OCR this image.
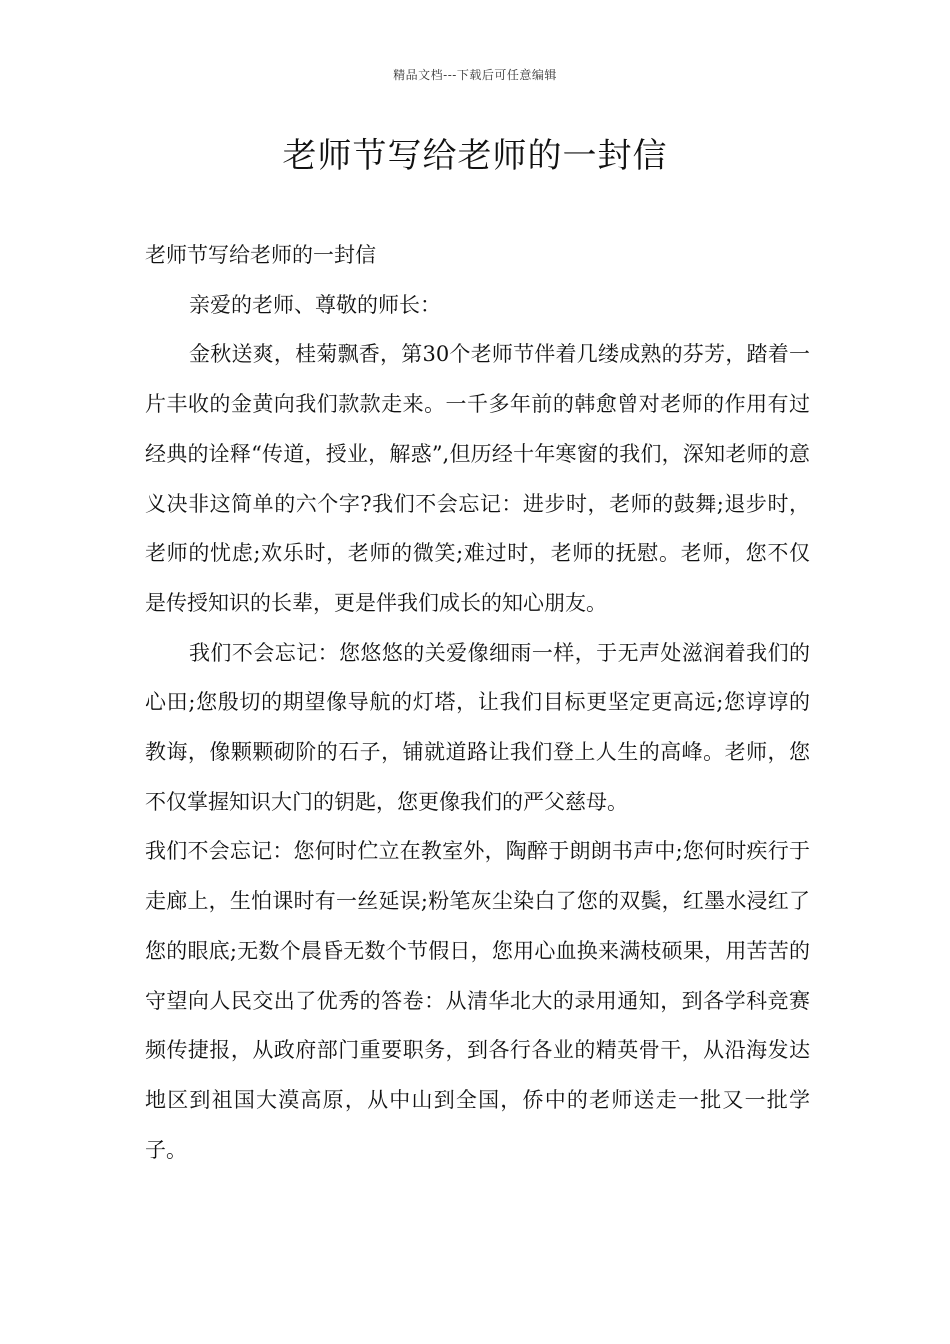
精品文档---下载后可任意编辑
老师节写给老师的一封信

老师节写给老师的一封信

亲爱的老师、尊敬的师长：

金秋送爽，桂菊飘香，第30个老师节伴着几缕成熟的芬芳，踏着一片丰收的金黄向我们款款走来。一千多年前的韩愈曾对老师的作用有过经典的诠释“传道，授业，解惑”,但历经十年寒窗的我们，深知老师的意义决非这简单的六个字?我们不会忘记：进步时，老师的鼓舞;退步时，老师的忧虑;欢乐时，老师的微笑;难过时，老师的抚慰。老师，您不仅是传授知识的长辈，更是伴我们成长的知心朋友。

我们不会忘记：您悠悠的关爱像细雨一样，于无声处滋润着我们的心田;您殷切的期望像导航的灯塔，让我们目标更坚定更高远;您谆谆的教诲，像颗颗砌阶的石子，铺就道路让我们登上人生的高峰。老师，您不仅掌握知识大门的钥匙，您更像我们的严父慈母。

我们不会忘记：您何时伫立在教室外，陶醉于朗朗书声中;您何时疾行于走廊上，生怕课时有一丝延误;粉笔灰尘染白了您的双鬓，红墨水浸红了您的眼底;无数个晨昏无数个节假日，您用心血换来满枝硕果，用苦苦的守望向人民交出了优秀的答卷：从清华北大的录用通知，到各学科竞赛频传捷报，从政府部门重要职务，到各行各业的精英骨干，从沿海发达地区到祖国大漠高原，从中山到全国，侨中的老师送走一批又一批学子。
